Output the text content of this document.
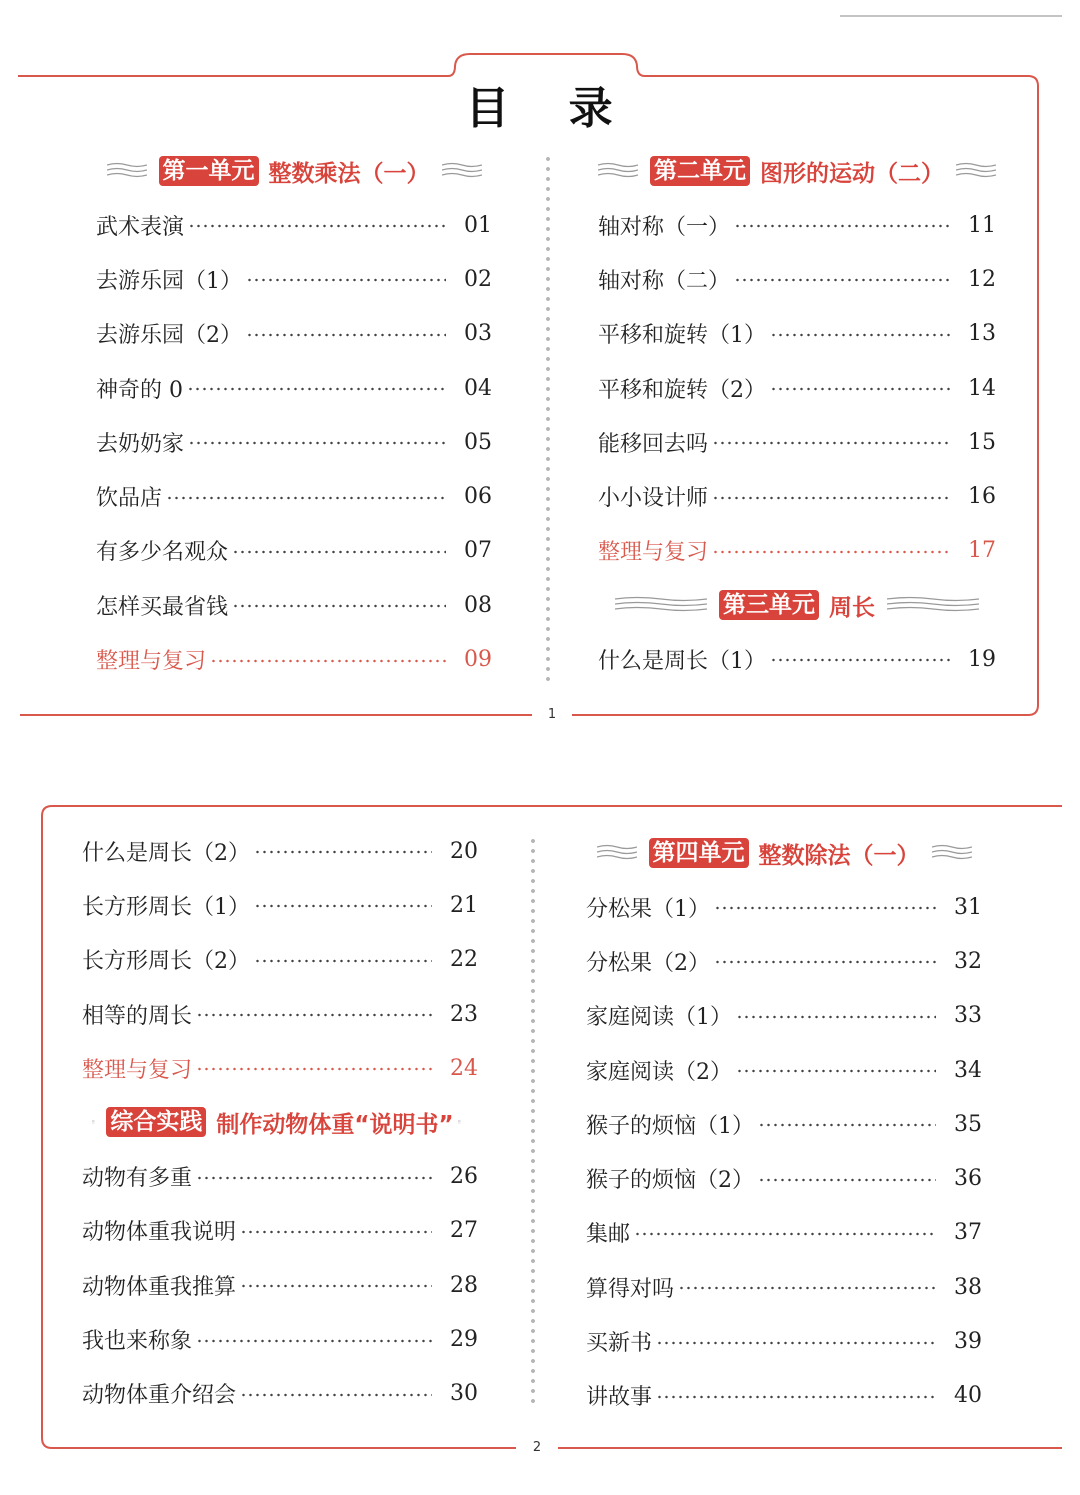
目 录
第一单元 整数乘法（一）
武术表演	01
去游乐园（1）	02
去游乐园（2）	03
神奇的 0	04
去奶奶家	05
饮品店	06
有多少名观众	07
怎样买最省钱	08
整理与复习	09
第二单元 图形的运动（二）
轴对称（一）	11
轴对称（二）	12
平移和旋转（1）	13
平移和旋转（2）	14
能移回去吗	15
小小设计师	16
整理与复习	17
第三单元 周长
什么是周长（1）	19
1
什么是周长（2）	20
长方形周长（1）	21
长方形周长（2）	22
相等的周长	23
整理与复习	24
综合实践 制作动物体重“说明书”
动物有多重	26
动物体重我说明	27
动物体重我推算	28
我也来称象	29
动物体重介绍会	30
第四单元 整数除法（一）
分松果（1）	31
分松果（2）	32
家庭阅读（1）	33
家庭阅读（2）	34
猴子的烦恼（1）	35
猴子的烦恼（2）	36
集邮	37
算得对吗	38
买新书	39
讲故事	40
2
